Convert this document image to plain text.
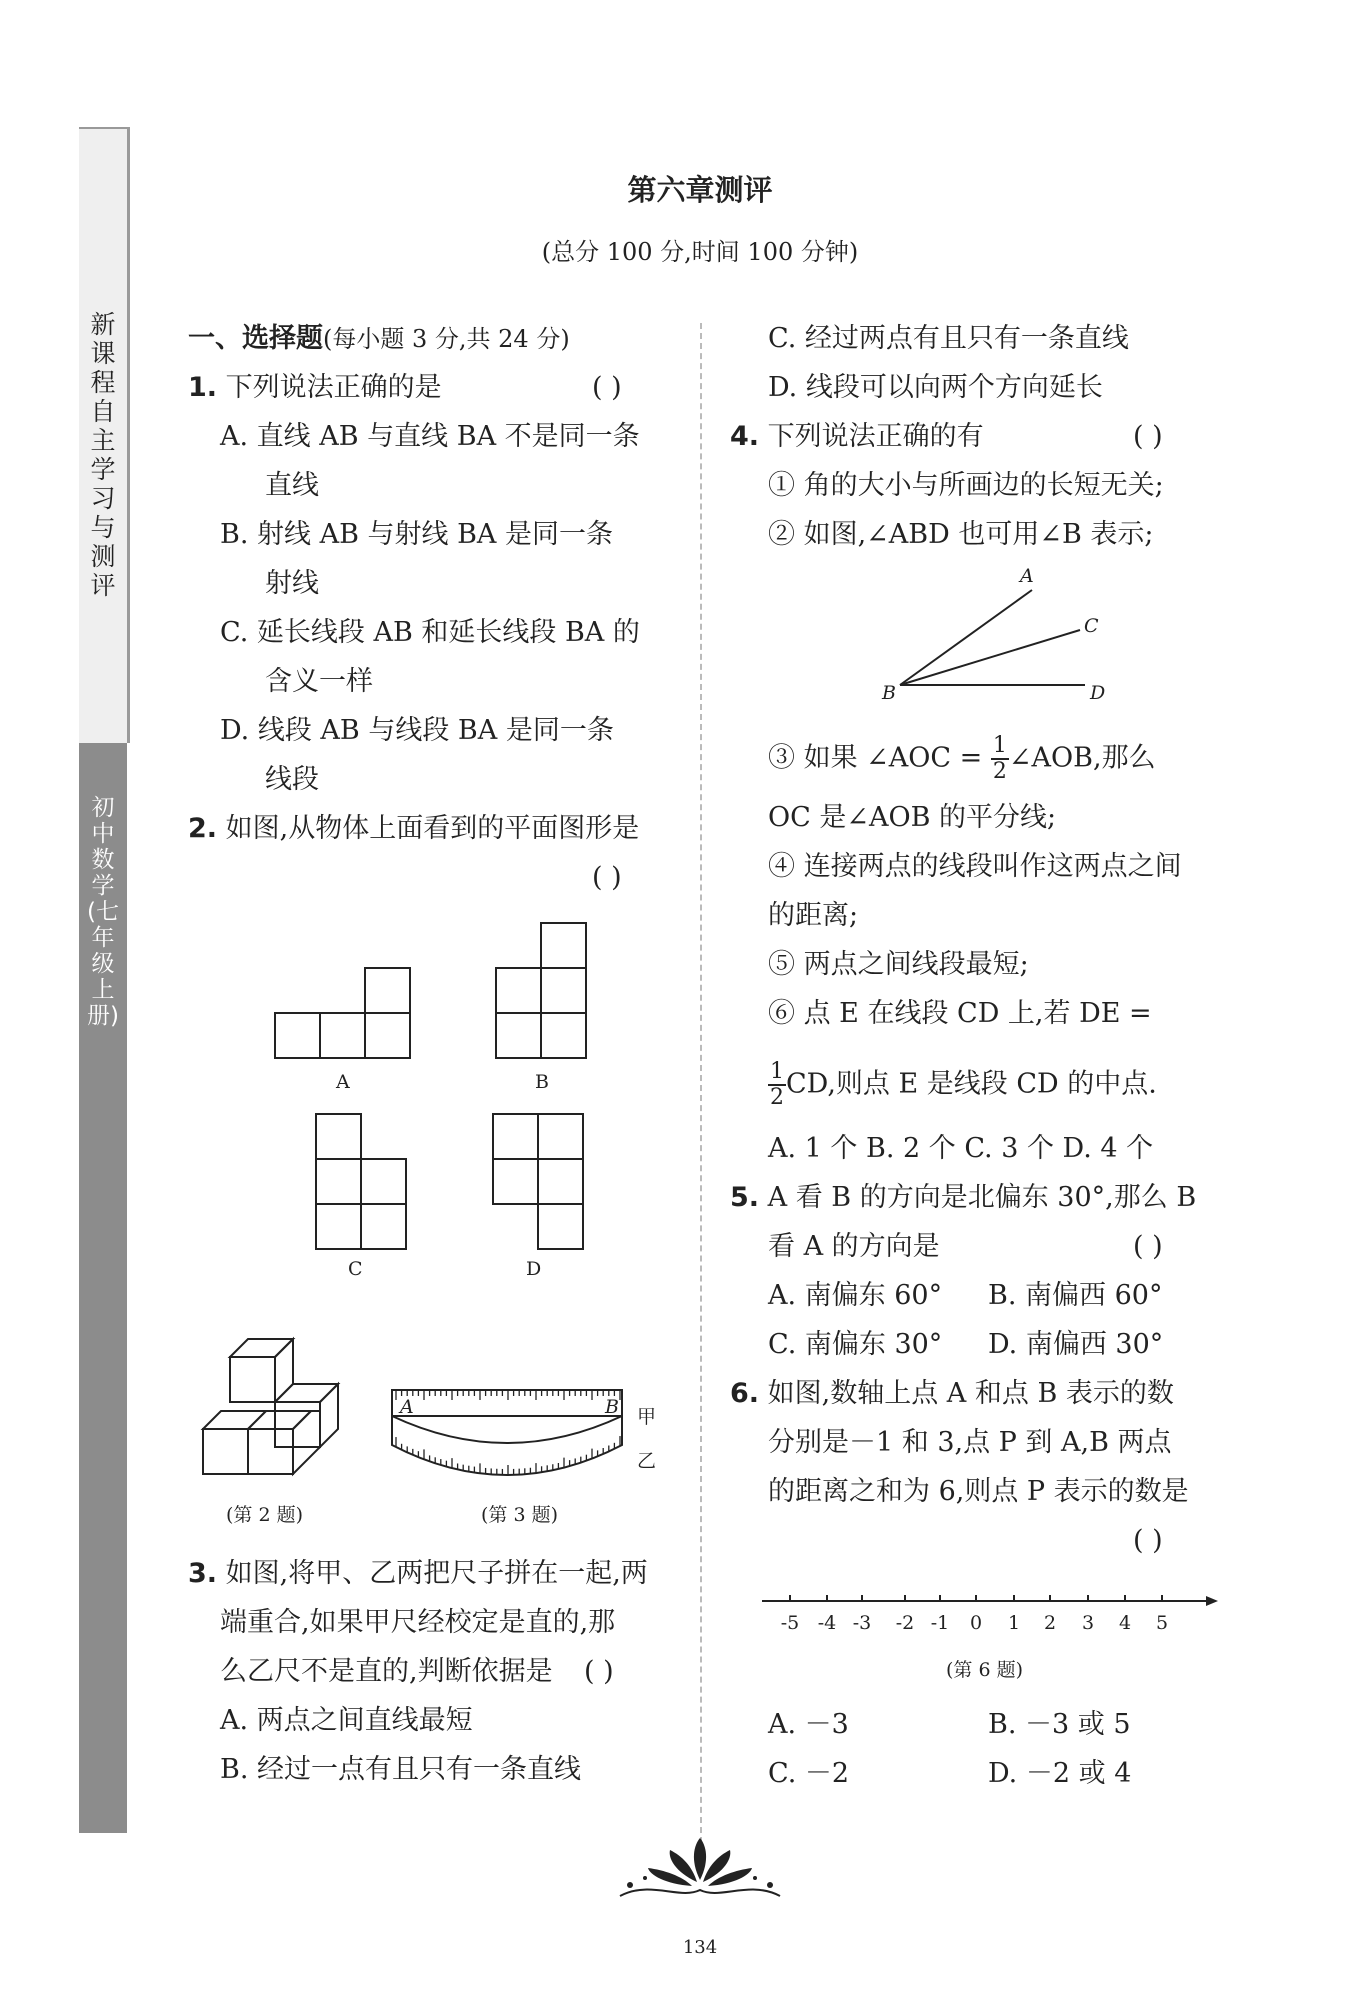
新课程自主学习与测评
初中数学(七年级上册)
第六章测评
(总分 100 分,时间 100 分钟)
一、选择题(每小题 3 分,共 24 分)
1. 下列说法正确的是	( )
A. 直线 AB 与直线 BA 不是同一条
直线
B. 射线 AB 与射线 BA 是同一条
射线
C. 延长线段 AB 和延长线段 BA 的
含义一样
D. 线段 AB 与线段 BA 是同一条
线段
2. 如图,从物体上面看到的平面图形是
( )
A	B
C	D
(第 2 题)
A	B 甲
乙
(第 3 题)
3. 如图,将甲、乙两把尺子拼在一起,两
端重合,如果甲尺经校定是直的,那
么乙尺不是直的,判断依据是 ( )
A. 两点之间直线最短
B. 经过一点有且只有一条直线
C. 经过两点有且只有一条直线
D. 线段可以向两个方向延长
4. 下列说法正确的有	( )
① 角的大小与所画边的长短无关;
② 如图,∠ABD 也可用∠B 表示;
A
C
B	D
③ 如果 ∠AOC = $\frac{1}{2}$ ∠AOB,那么
OC 是∠AOB 的平分线;
④ 连接两点的线段叫作这两点之间
的距离;
⑤ 两点之间线段最短;
⑥ 点 E 在线段 CD 上,若 DE =
$\frac{1}{2}$ CD,则点 E 是线段 CD 的中点.
A. 1 个 B. 2 个 C. 3 个 D. 4 个
5. A 看 B 的方向是北偏东 30°,那么 B
看 A 的方向是	( )
A. 南偏东 60° B. 南偏西 60°
C. 南偏东 30° D. 南偏西 30°
6. 如图,数轴上点 A 和点 B 表示的数
分别是－1 和 3,点 P 到 A,B 两点
的距离之和为 6,则点 P 表示的数是
( )
-5 -4 -3 -2 -1	0	1	2	3	4	5
(第 6 题)
A. －3	B. －3 或 5
C. －2	D. －2 或 4
134
